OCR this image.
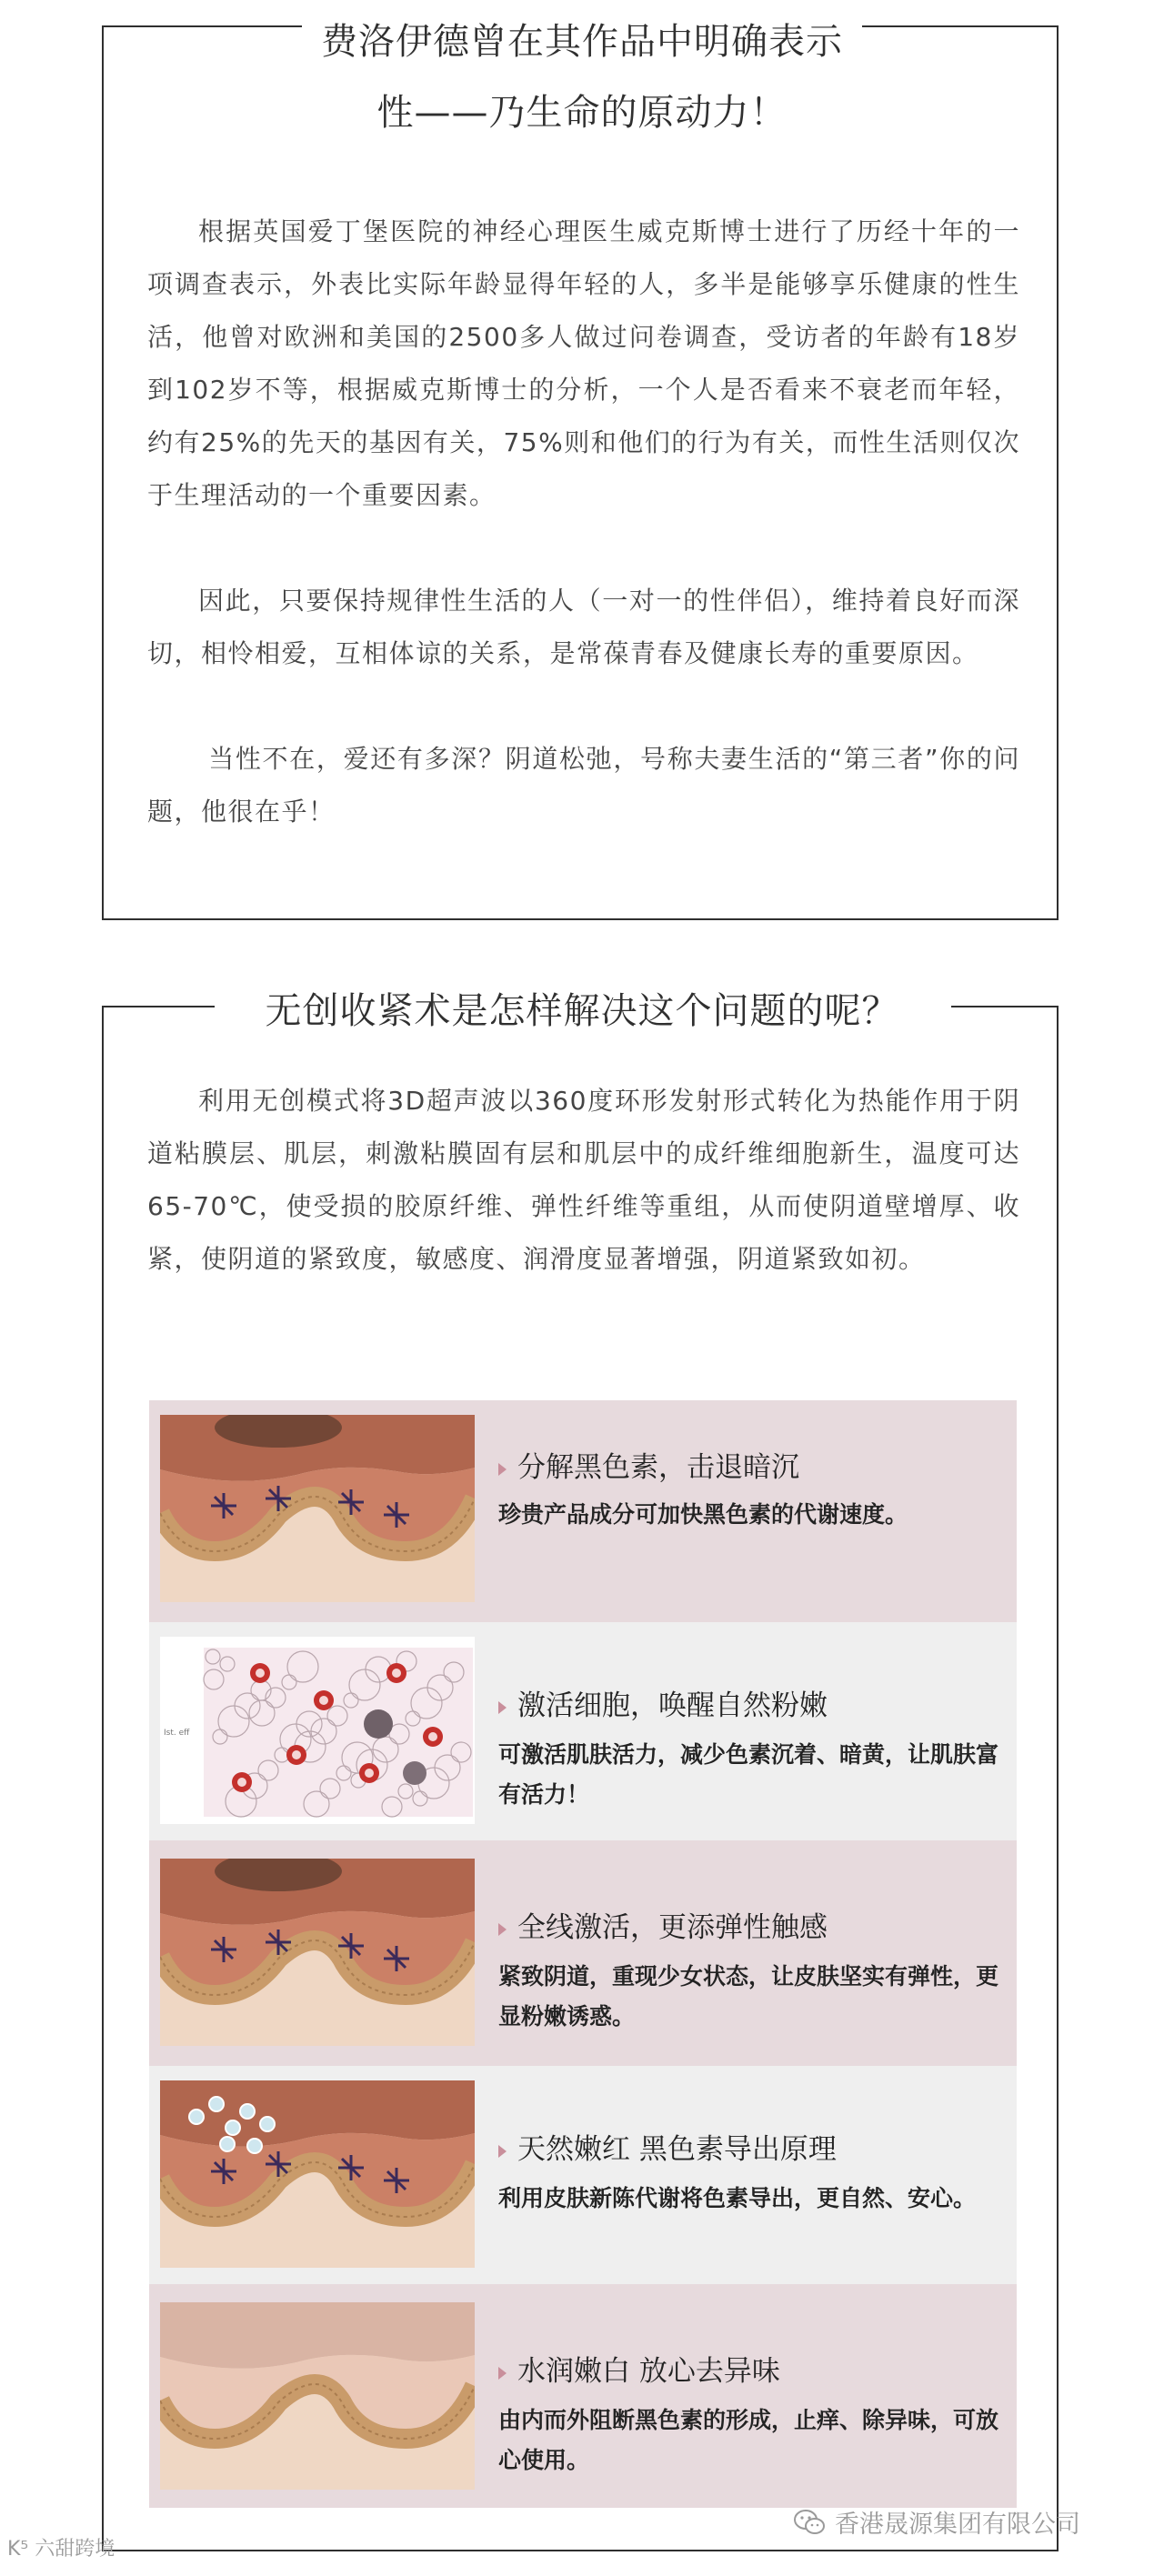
费洛伊德曾在其作品中明确表示
性——乃生命的原动力！
根据英国爱丁堡医院的神经心理医生威克斯博士进行了历经十年的一项调查表示，外表比实际年龄显得年轻的人，多半是能够享乐健康的性生活，他曾对欧洲和美国的2500多人做过问卷调查，受访者的年龄有18岁到102岁不等，根据威克斯博士的分析，一个人是否看来不衰老而年轻，约有25%的先天的基因有关，75%则和他们的行为有关，而性生活则仅次于生理活动的一个重要因素。
因此，只要保持规律性生活的人（一对一的性伴侣），维持着良好而深切，相怜相爱，互相体谅的关系，是常葆青春及健康长寿的重要原因。
当性不在，爱还有多深？阴道松弛，号称夫妻生活的“第三者”你的问题，他很在乎！
无创收紧术是怎样解决这个问题的呢？
利用无创模式将3D超声波以360度环形发射形式转化为热能作用于阴道粘膜层、肌层，刺激粘膜固有层和肌层中的成纤维细胞新生，温度可达65-70℃，使受损的胶原纤维、弹性纤维等重组，从而使阴道壁增厚、收紧，使阴道的紧致度，敏感度、润滑度显著增强，阴道紧致如初。
分解黑色素，击退暗沉
珍贵产品成分可加快黑色素的代谢速度。
Ist. eff
激活细胞，唤醒自然粉嫩
可激活肌肤活力，减少色素沉着、暗黄，让肌肤富有活力！
全线激活，更添弹性触感
紧致阴道，重现少女状态，让皮肤坚实有弹性，更显粉嫩诱惑。
天然嫩红 黑色素导出原理
利用皮肤新陈代谢将色素导出，更自然、安心。
水润嫩白 放心去异味
由内而外阻断黑色素的形成，止痒、除异味，可放心使用。
K⁵ 六甜跨境
香港晟源集团有限公司
